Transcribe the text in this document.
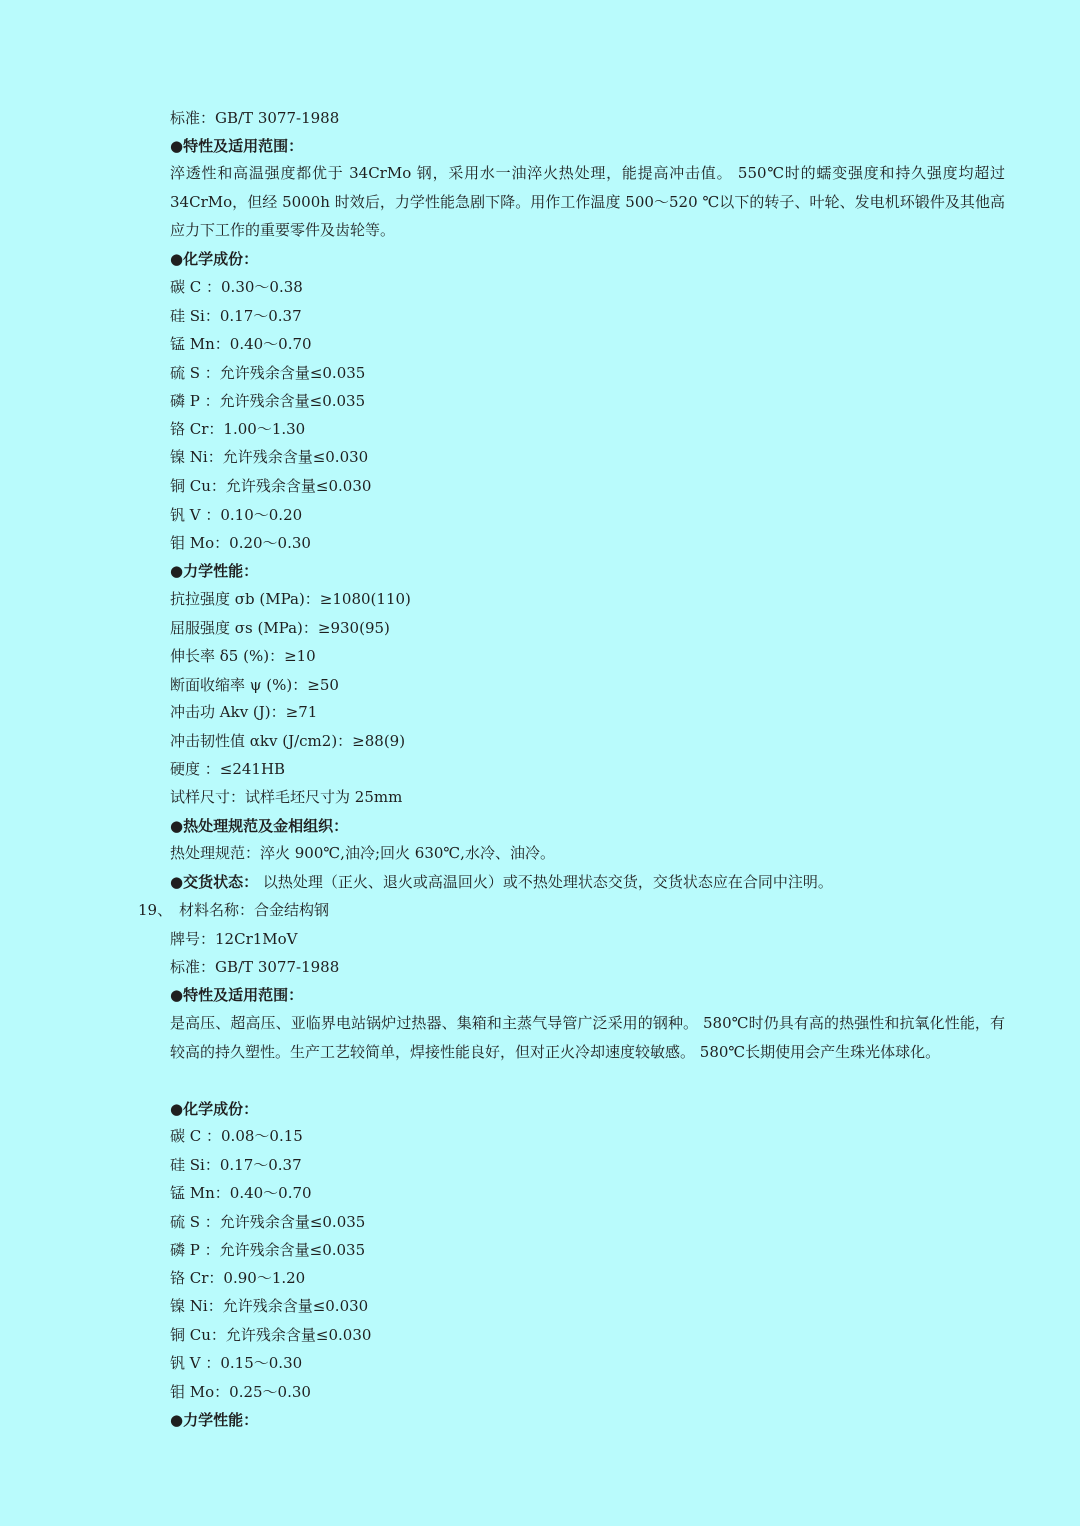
标准：GB/T 3077-1988
●特性及适用范围：
淬透性和高温强度都优于 34CrMo 钢，采用水一油淬火热处理，能提高冲击值。 550℃时的蠕变强度和持久强度均超过 34CrMo，但经 5000h 时效后，力学性能急剧下降。用作工作温度 500～520 ℃以下的转子、叶轮、发电机环锻件及其他高应力下工作的重要零件及齿轮等。
●化学成份：
碳 C ：0.30～0.38
硅 Si：0.17～0.37
锰 Mn：0.40～0.70
硫 S ：允许残余含量≤0.035
磷 P ：允许残余含量≤0.035
铬 Cr：1.00～1.30
镍 Ni：允许残余含量≤0.030
铜 Cu：允许残余含量≤0.030
钒 V ：0.10～0.20
钼 Mo：0.20～0.30
●力学性能：
抗拉强度 σb (MPa)：≥1080(110)
屈服强度 σs (MPa)：≥930(95)
伸长率 δ5 (%)：≥10
断面收缩率 ψ (%)：≥50
冲击功 Akv (J)：≥71
冲击韧性值 αkv (J/cm2)：≥88(9)
硬度 ：≤241HB
试样尺寸：试样毛坯尺寸为 25mm
●热处理规范及金相组织：
热处理规范：淬火 900℃,油冷;回火 630℃,水冷、油冷。
●交货状态： 以热处理（正火、退火或高温回火）或不热处理状态交货，交货状态应在合同中注明。
19、 材料名称：合金结构钢
牌号：12Cr1MoV
标准：GB/T 3077-1988
●特性及适用范围：
是高压、超高压、亚临界电站锅炉过热器、集箱和主蒸气导管广泛采用的钢种。 580℃时仍具有高的热强性和抗氧化性能，有较高的持久塑性。生产工艺较简单，焊接性能良好，但对正火冷却速度较敏感。 580℃长期使用会产生珠光体球化。
●化学成份：
碳 C ：0.08～0.15
硅 Si：0.17～0.37
锰 Mn：0.40～0.70
硫 S ：允许残余含量≤0.035
磷 P ：允许残余含量≤0.035
铬 Cr：0.90～1.20
镍 Ni：允许残余含量≤0.030
铜 Cu：允许残余含量≤0.030
钒 V ：0.15～0.30
钼 Mo：0.25～0.30
●力学性能：
